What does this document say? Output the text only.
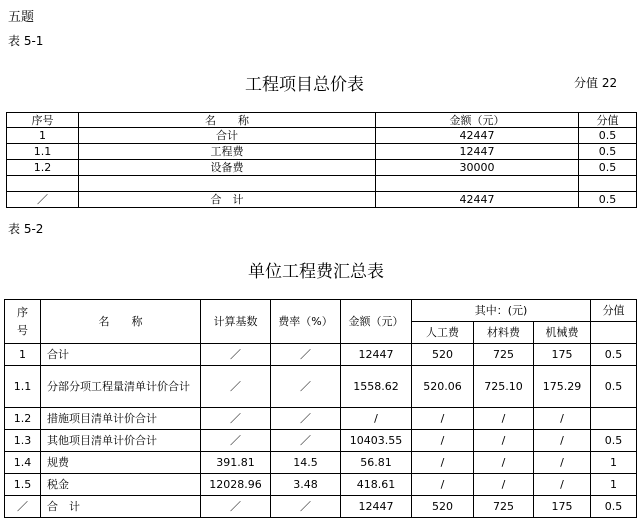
五题
表 5-1
工程项目总价表	分值 22
序号	名　　称	金额（元）	分值
1	合计	42447	0.5
1.1	工程费	12447	0.5
1.2	设备费	30000	0.5

／	合　计	42447	0.5
表 5-2
单位工程费汇总表
序号	名　　称	计算基数	费率（%）	金额（元）	其中：(元)			分值
					人工费	材料费	机械费	
1	合计	／	／	12447	520	725	175	0.5
1.1	分部分项工程量清单计价合计	／	／	1558.62	520.06	725.10	175.29	0.5
1.2	措施项目清单计价合计	／	／	/	/	/	/	
1.3	其他项目清单计价合计	／	／	10403.55	/	/	/	0.5
1.4	规费	391.81	14.5	56.81	/	/	/	1
1.5	税金	12028.96	3.48	418.61	/	/	/	1
／	合　计	／	／	12447	520	725	175	0.5
